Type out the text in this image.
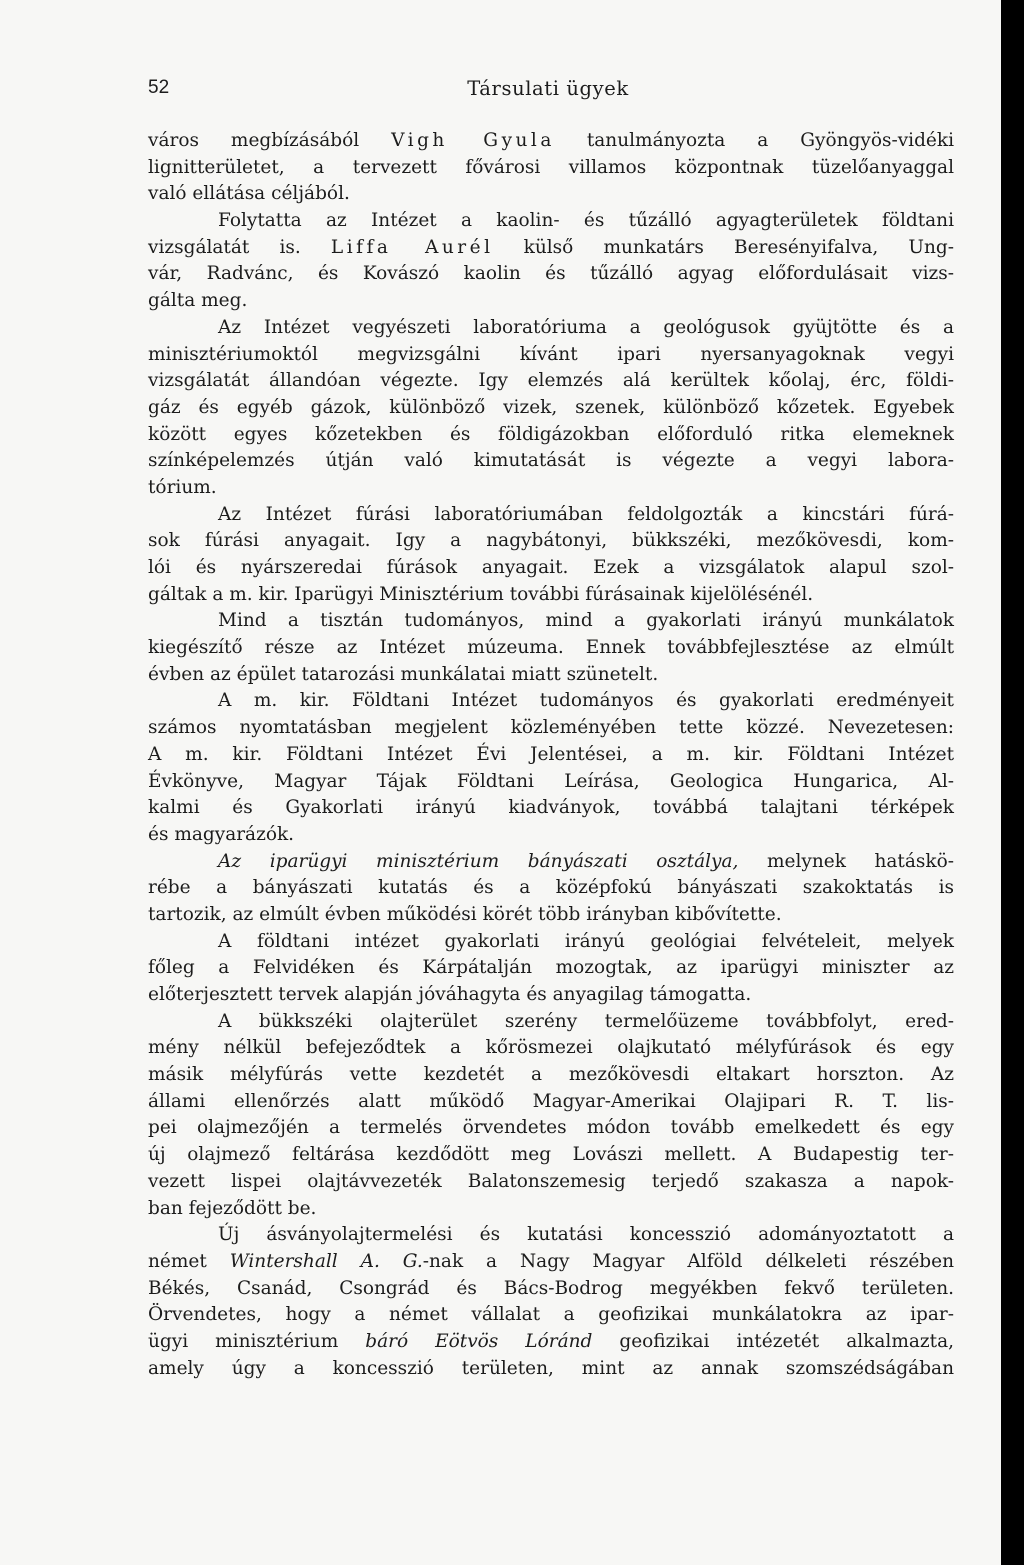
52	Társulati ügyek
város megbízásából Vigh Gyula tanulmányozta a Gyöngyös-vidéki
lignitterületet, a tervezett fővárosi villamos központnak tüzelőanyaggal
való ellátása céljából.
Folytatta az Intézet a kaolin- és tűzálló agyagterületek földtani
vizsgálatát is. Liffa Aurél külső munkatárs Beresényifalva, Ung-
vár, Radvánc, és Kovászó kaolin és tűzálló agyag előfordulásait vizs-
gálta meg.
Az Intézet vegyészeti laboratóriuma a geológusok gyüjtötte és a
minisztériumoktól megvizsgálni kívánt ipari nyersanyagoknak vegyi
vizsgálatát állandóan végezte. Igy elemzés alá kerültek kőolaj, érc, földi-
gáz és egyéb gázok, különböző vizek, szenek, különböző kőzetek. Egyebek
között egyes kőzetekben és földigázokban előforduló ritka elemeknek
színképelemzés útján való kimutatását is végezte a vegyi labora-
tórium.
Az Intézet fúrási laboratóriumában feldolgozták a kincstári fúrá-
sok fúrási anyagait. Igy a nagybátonyi, bükkszéki, mezőkövesdi, kom-
lói és nyárszeredai fúrások anyagait. Ezek a vizsgálatok alapul szol-
gáltak a m. kir. Iparügyi Minisztérium további fúrásainak kijelölésénél.
Mind a tisztán tudományos, mind a gyakorlati irányú munkálatok
kiegészítő része az Intézet múzeuma. Ennek továbbfejlesztése az elmúlt
évben az épület tatarozási munkálatai miatt szünetelt.
A m. kir. Földtani Intézet tudományos és gyakorlati eredményeit
számos nyomtatásban megjelent közleményében tette közzé. Nevezetesen:
A m. kir. Földtani Intézet Évi Jelentései, a m. kir. Földtani Intézet
Évkönyve, Magyar Tájak Földtani Leírása, Geologica Hungarica, Al-
kalmi és Gyakorlati irányú kiadványok, továbbá talajtani térképek
és magyarázók.
Az iparügyi minisztérium bányászati osztálya, melynek hatáskö-
rébe a bányászati kutatás és a középfokú bányászati szakoktatás is
tartozik, az elmúlt évben működési körét több irányban kibővítette.
A földtani intézet gyakorlati irányú geológiai felvételeit, melyek
főleg a Felvidéken és Kárpátalján mozogtak, az iparügyi miniszter az
előterjesztett tervek alapján jóváhagyta és anyagilag támogatta.
A bükkszéki olajterület szerény termelőüzeme továbbfolyt, ered-
mény nélkül befejeződtek a kőrösmezei olajkutató mélyfúrások és egy
másik mélyfúrás vette kezdetét a mezőkövesdi eltakart horszton. Az
állami ellenőrzés alatt működő Magyar-Amerikai Olajipari R. T. lis-
pei olajmezőjén a termelés örvendetes módon tovább emelkedett és egy
új olajmező feltárása kezdődött meg Lovászi mellett. A Budapestig ter-
vezett lispei olajtávvezeték Balatonszemesig terjedő szakasza a napok-
ban fejeződött be.
Új ásványolajtermelési és kutatási koncesszió adományoztatott a
német Wintershall A. G.-nak a Nagy Magyar Alföld délkeleti részében
Békés, Csanád, Csongrád és Bács-Bodrog megyékben fekvő területen.
Örvendetes, hogy a német vállalat a geofizikai munkálatokra az ipar-
ügyi minisztérium báró Eötvös Lóránd geofizikai intézetét alkalmazta,
amely úgy a koncesszió területen, mint az annak szomszédságában
